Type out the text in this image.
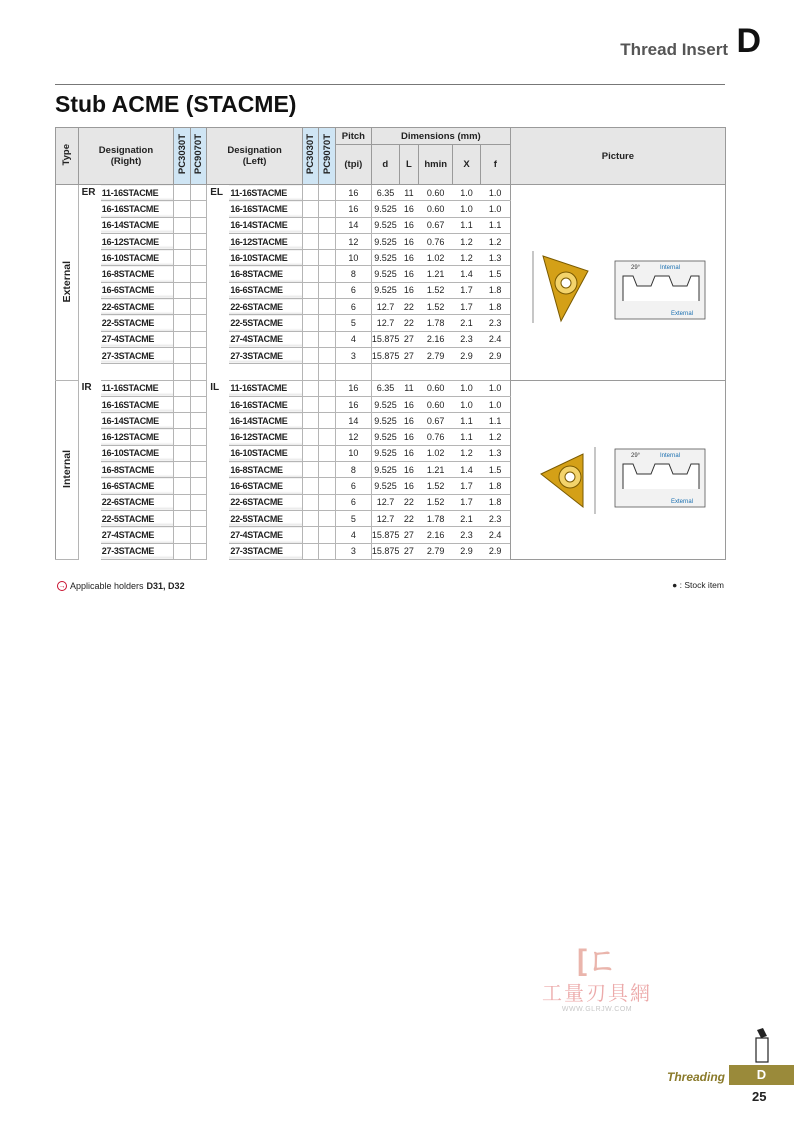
Thread Insert D
Stub ACME (STACME)
Type	Designation
(Right)		PC3030T	PC9070T	Designation
(Left)		PC3030T	PC9070T	Pitch	Dimensions (mm)					Picture
									(tpi)	d	L	hmin	X	f	
External	ER	11-16STACME			EL	11-16STACME			16	6.35	11	0.60	1.0	1.0	29° Internal
External

		16-16STACME				16-16STACME			16	9.525	16	0.60	1.0	1.0	
		16-14STACME				16-14STACME			14	9.525	16	0.67	1.1	1.1	
		16-12STACME				16-12STACME			12	9.525	16	0.76	1.2	1.2	
		16-10STACME				16-10STACME			10	9.525	16	1.02	1.2	1.3	
		16-8STACME				16-8STACME			8	9.525	16	1.21	1.4	1.5	
		16-6STACME				16-6STACME			6	9.525	16	1.52	1.7	1.8	
		22-6STACME				22-6STACME			6	12.7	22	1.52	1.7	1.8	
		22-5STACME				22-5STACME			5	12.7	22	1.78	2.1	2.3	
		27-4STACME				27-4STACME			4	15.875	27	2.16	2.3	2.4	
		27-3STACME				27-3STACME			3	15.875	27	2.79	2.9	2.9	

Internal	IR	11-16STACME			IL	11-16STACME			16	6.35	11	0.60	1.0	1.0	29° Internal
External

		16-16STACME				16-16STACME			16	9.525	16	0.60	1.0	1.0	
		16-14STACME				16-14STACME			14	9.525	16	0.67	1.1	1.1	
		16-12STACME				16-12STACME			12	9.525	16	0.76	1.1	1.2	
		16-10STACME				16-10STACME			10	9.525	16	1.02	1.2	1.3	
		16-8STACME				16-8STACME			8	9.525	16	1.21	1.4	1.5	
		16-6STACME				16-6STACME			6	9.525	16	1.52	1.7	1.8	
		22-6STACME				22-6STACME			6	12.7	22	1.52	1.7	1.8	
		22-5STACME				22-5STACME			5	12.7	22	1.78	2.1	2.3	
		27-4STACME				27-4STACME			4	15.875	27	2.16	2.3	2.4	
		27-3STACME				27-3STACME			3	15.875	27	2.79	2.9	2.9	
→ Applicable holders D31, D32	● : Stock item
[ㄈ
工量刃具網
WWW.GLRJW.COM
Threading	D
25
